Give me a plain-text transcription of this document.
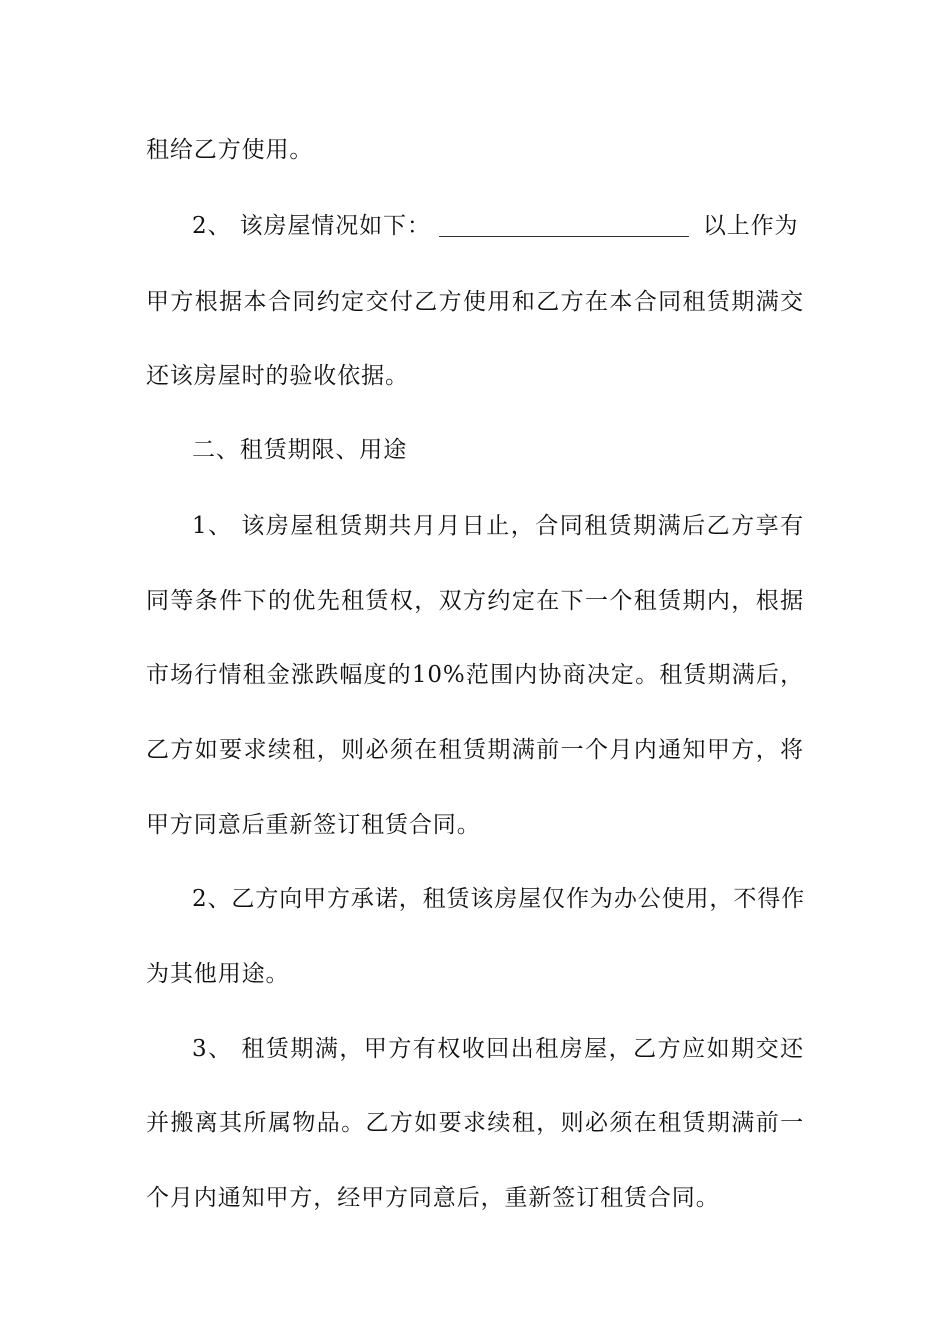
租给乙方使用。
2、 该房屋情况如下：	以上作为
甲方根据本合同约定交付乙方使用和乙方在本合同租赁期满交
还该房屋时的验收依据。
二、租赁期限、用途
1、 该房屋租赁期共月月日止，合同租赁期满后乙方享有
同等条件下的优先租赁权，双方约定在下一个租赁期内，根据
市场行情租金涨跌幅度的10%范围内协商决定。租赁期满后，
乙方如要求续租，则必须在租赁期满前一个月内通知甲方，将
甲方同意后重新签订租赁合同。
2、乙方向甲方承诺，租赁该房屋仅作为办公使用，不得作
为其他用途。
3、 租赁期满，甲方有权收回出租房屋，乙方应如期交还
并搬离其所属物品。乙方如要求续租，则必须在租赁期满前一
个月内通知甲方，经甲方同意后，重新签订租赁合同。
